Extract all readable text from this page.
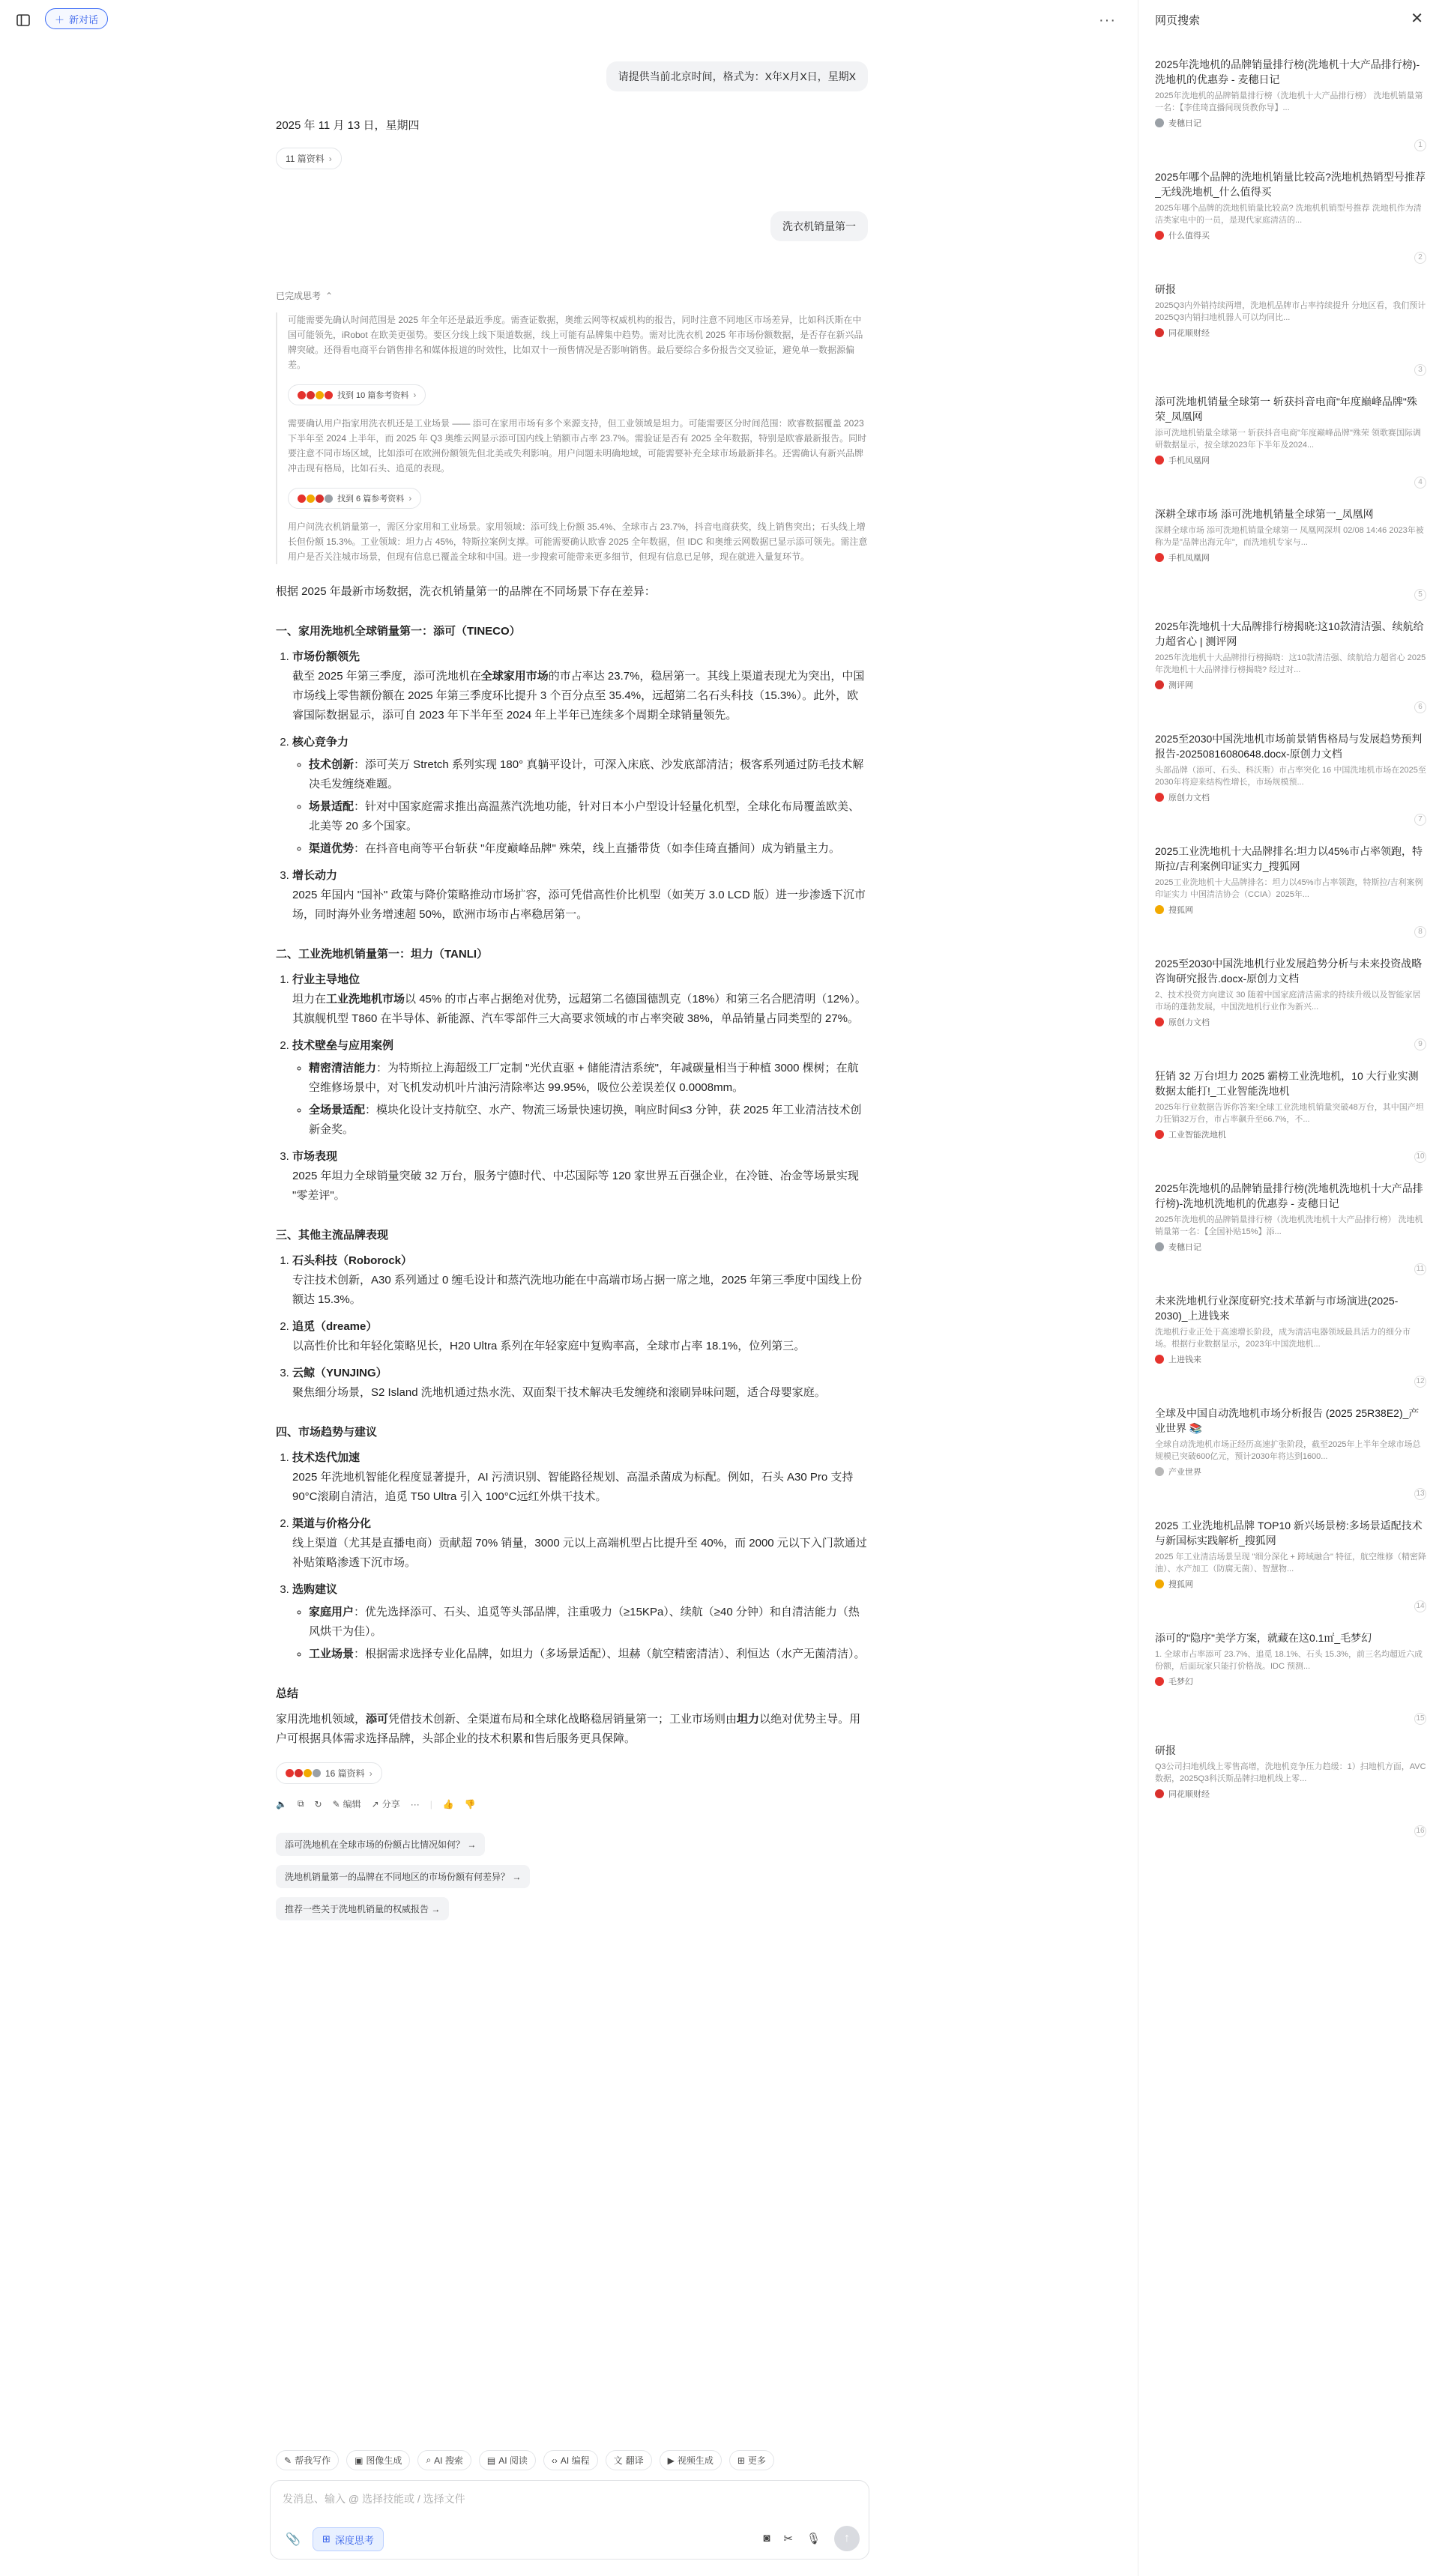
＋ 新对话	···
请提供当前北京时间，格式为：X年X月X日，星期X
2025 年 11 月 13 日，星期四
11 篇资料 ›
洗衣机销量第一
已完成思考 ⌃

可能需要先确认时间范围是 2025 年全年还是最近季度。需查证数据，奥维云网等权威机构的报告，同时注意不同地区市场差异，比如科沃斯在中国可能领先，iRobot 在欧美更强势。要区分线上线下渠道数据，线上可能有品牌集中趋势。需对比洗衣机 2025 年市场份额数据，是否存在新兴品牌突破。还得看电商平台销售排名和媒体报道的时效性，比如双十一预售情况是否影响销售。最后要综合多份报告交叉验证，避免单一数据源偏差。

找到 10 篇参考资料 ›

需要确认用户指家用洗衣机还是工业场景 —— 添可在家用市场有多个来源支持，但工业领域是坦力。可能需要区分时间范围：欧睿数据覆盖 2023 下半年至 2024 上半年，而 2025 年 Q3 奥维云网显示添可国内线上销额市占率 23.7%。需验证是否有 2025 全年数据，特别是欧睿最新报告。同时要注意不同市场区域，比如添可在欧洲份额领先但北美或失利影响。用户问题未明确地域，可能需要补充全球市场最新排名。还需确认有新兴品牌冲击现有格局，比如石头、追觅的表现。

找到 6 篇参考资料 ›

用户问洗衣机销量第一，需区分家用和工业场景。家用领域：添可线上份额 35.4%、全球市占 23.7%，抖音电商获奖，线上销售突出；石头线上增长但份额 15.3%。工业领域：坦力占 45%，特斯拉案例支撑。可能需要确认欧睿 2025 全年数据，但 IDC 和奥维云网数据已显示添可领先。需注意用户是否关注城市场景，但现有信息已覆盖全球和中国。进一步搜索可能带来更多细节，但现有信息已足够，现在就进入量复环节。

根据 2025 年最新市场数据，洗衣机销量第一的品牌在不同场景下存在差异：

一、家用洗地机全球销量第一：添可（TINECO）
1. 市场份额领先
截至 2025 年第三季度，添可洗地机在全球家用市场的市占率达 23.7%，稳居第一。其线上渠道表现尤为突出，中国市场线上零售额份额在 2025 年第三季度环比提升 3 个百分点至 35.4%，远超第二名石头科技（15.3%）。此外，欧睿国际数据显示，添可自 2023 年下半年至 2024 年上半年已连续多个周期全球销量领先。
2. 核心竞争力
◦ 技术创新：添可芙万 Stretch 系列实现 180° 真躺平设计，可深入床底、沙发底部清洁；极客系列通过防毛技术解决毛发缠绕难题。
◦ 场景适配：针对中国家庭需求推出高温蒸汽洗地功能，针对日本小户型设计轻量化机型，全球化布局覆盖欧美、北美等 20 多个国家。
◦ 渠道优势：在抖音电商等平台斩获 "年度巅峰品牌" 殊荣，线上直播带货（如李佳琦直播间）成为销量主力。
3. 增长动力
2025 年国内 "国补" 政策与降价策略推动市场扩容，添可凭借高性价比机型（如芙万 3.0 LCD 版）进一步渗透下沉市场，同时海外业务增速超 50%，欧洲市场市占率稳居第一。
二、工业洗地机销量第一：坦力（TANLI）
1. 行业主导地位
坦力在工业洗地机市场以 45% 的市占率占据绝对优势，远超第二名德国德凯克（18%）和第三名合肥清明（12%）。其旗舰机型 T860 在半导体、新能源、汽车零部件三大高要求领域的市占率突破 38%，单品销量占同类型的 27%。
2. 技术壁垒与应用案例
◦ 精密清洁能力：为特斯拉上海超级工厂定制 "光伏直驱 + 储能清洁系统"，年减碳量相当于种植 3000 棵树；在航空维修场景中，对飞机发动机叶片油污清除率达 99.95%，吸位公差误差仅 0.0008mm。
◦ 全场景适配：模块化设计支持航空、水产、物流三场景快速切换，响应时间≤3 分钟，获 2025 年工业清洁技术创新金奖。
3. 市场表现
2025 年坦力全球销量突破 32 万台，服务宁德时代、中芯国际等 120 家世界五百强企业，在冷链、冶金等场景实现 "零差评"。
三、其他主流品牌表现
1. 石头科技（Roborock）
专注技术创新，A30 系列通过 0 缠毛设计和蒸汽洗地功能在中高端市场占据一席之地，2025 年第三季度中国线上份额达 15.3%。
2. 追觅（dreame）
以高性价比和年轻化策略见长，H20 Ultra 系列在年轻家庭中复购率高，全球市占率 18.1%，位列第三。
3. 云鲸（YUNJING）
聚焦细分场景，S2 Island 洗地机通过热水洗、双面梨干技术解决毛发缠绕和滚刷异味问题，适合母婴家庭。
四、市场趋势与建议
1. 技术迭代加速
2025 年洗地机智能化程度显著提升，AI 污渍识别、智能路径规划、高温杀菌成为标配。例如，石头 A30 Pro 支持 90°C滚刷自清洁，追觅 T50 Ultra 引入 100°C远红外烘干技术。
2. 渠道与价格分化
线上渠道（尤其是直播电商）贡献超 70% 销量，3000 元以上高端机型占比提升至 40%，而 2000 元以下入门款通过补贴策略渗透下沉市场。
3. 选购建议
◦ 家庭用户：优先选择添可、石头、追觅等头部品牌，注重吸力（≥15KPa）、续航（≥40 分钟）和自清洁能力（热风烘干为佳）。
◦ 工业场景：根据需求选择专业化品牌，如坦力（多场景适配）、坦赫（航空精密清洁）、利恒达（水产无菌清洁）。
总结

家用洗地机领域，添可凭借技术创新、全渠道布局和全球化战略稳居销量第一；工业市场则由坦力以绝对优势主导。用户可根据具体需求选择品牌，头部企业的技术积累和售后服务更具保障。

16 篇资料 ›
🔈 ⧉ ↻ ✎ 编辑 ↗ 分享 ··· | 👍 👎
添可洗地机在全球市场的份额占比情况如何？ →
洗地机销量第一的品牌在不同地区的市场份额有何差异？ →
推荐一些关于洗地机销量的权威报告 →
✎ 帮我写作	▣ 图像生成	⌕ AI 搜索	▤ AI 阅读	‹› AI 编程	文 翻译	▶ 视频生成	⊞ 更多
发消息、输入 @ 选择技能或 / 选择文件
📎 ⊞ 深度思考	◙ ✂ 🎙 ↑
网页搜索	✕
2025年洗地机的品牌销量排行榜(洗地机十大产品排行榜)-洗地机的优惠券 - 麦穗日记
2025年洗地机的品牌销量排行榜（洗地机十大产品排行榜） 洗地机销量第一名：【李佳琦直播间现货教你导】...
麦穗日记
1
2025年哪个品牌的洗地机销量比较高?洗地机热销型号推荐_无线洗地机_什么值得买
2025年哪个品牌的洗地机销量比较高? 洗地机机销型号推荐 洗地机作为清洁类家电中的一员，是现代家庭清洁的...
什么值得买
2
研报
2025Q3内外销持续两增，洗地机品牌市占率持续提升 分地区看，我们预计2025Q3内销扫地机器人可以均同比...
同花顺财经
3
添可洗地机销量全球第一 斩获抖音电商"年度巅峰品牌"殊荣_凤凰网
添可洗地机销量全球第一 斩获抖音电商"年度巅峰品牌"殊荣 领歌赛国际调研数据显示，按全球2023年下半年及2024...
手机凤凰网
4
深耕全球市场 添可洗地机销量全球第一_凤凰网
深耕全球市场 添可洗地机销量全球第一 凤凰网深圳 02/08 14:46 2023年被称为是"品牌出海元年"，而洗地机专家与...
手机凤凰网
5
2025年洗地机十大品牌排行榜揭晓:这10款清洁强、续航给力超省心 | 测评网
2025年洗地机十大品牌排行榜揭晓：这10款清洁强、续航给力超省心 2025年洗地机十大品牌排行榜揭晓? 经过对...
测评网
6
2025至2030中国洗地机市场前景销售格局与发展趋势预判报告-20250816080648.docx-原创力文档
头部品牌（添可、石头、科沃斯）市占率突化 16 中国洗地机市场在2025至2030年将迎来结构性增长，市场规模预...
原创力文档
7
2025工业洗地机十大品牌排名:坦力以45%市占率领跑，特斯拉/吉利案例印证实力_搜狐网
2025工业洗地机十大品牌排名：坦力以45%市占率领跑，特斯拉/吉利案例印证实力 中国清洁协会（CCIA）2025年...
搜狐网
8
2025至2030中国洗地机行业发展趋势分析与未来投资战略咨询研究报告.docx-原创力文档
2、技术投资方向建议 30 随着中国家庭清洁需求的持续升级以及智能家居市场的蓬勃发展，中国洗地机行业作为新兴...
原创力文档
9
狂销 32 万台!坦力 2025 霸榜工业洗地机，10 大行业实测数据太能打!_工业智能洗地机
2025年行业数据告诉你答案!全球工业洗地机销量突破48万台，其中国产坦力狂销32万台，市占率飙升至66.7%，不...
工业智能洗地机
10
2025年洗地机的品牌销量排行榜(洗地机洗地机十大产品排行榜)-洗地机洗地机的优惠券 - 麦穗日记
2025年洗地机的品牌销量排行榜（洗地机洗地机十大产品排行榜） 洗地机销量第一名：【全国补贴15%】添...
麦穗日记
11
未来洗地机行业深度研究:技术革新与市场演进(2025-2030)_上进钱来
洗地机行业正处于高速增长阶段，成为清洁电器领域最具活力的细分市场。根据行业数据显示，2023年中国洗地机...
上进钱来
12
全球及中国自动洗地机市场分析报告 (2025 25R38E2)_产业世界 📚
全球自动洗地机市场正经历高速扩张阶段，截至2025年上半年全球市场总规模已突破600亿元，预计2030年将达到1600...
产业世界
13
2025 工业洗地机品牌 TOP10 新兴场景榜:多场景适配技术与新国标实践解析_搜狐网
2025 年工业清洁场景呈现 "细分深化 + 跨域融合" 特征，航空维修（精密降油）、水产加工（防腐无菌）、智慧物...
搜狐网
14
添可的"隐序"美学方案，就藏在这0.1㎡_毛梦幻
1. 全球市占率添可 23.7%、追觅 18.1%、石头 15.3%，前三名均超近六成份额，后面玩家只能打价格战。IDC 预测...
毛梦幻
15
研报
Q3公司扫地机线上零售高增，洗地机竞争压力趋缓：1）扫地机方面，AVC数据，2025Q3科沃斯品牌扫地机线上零...
同花顺财经
16
